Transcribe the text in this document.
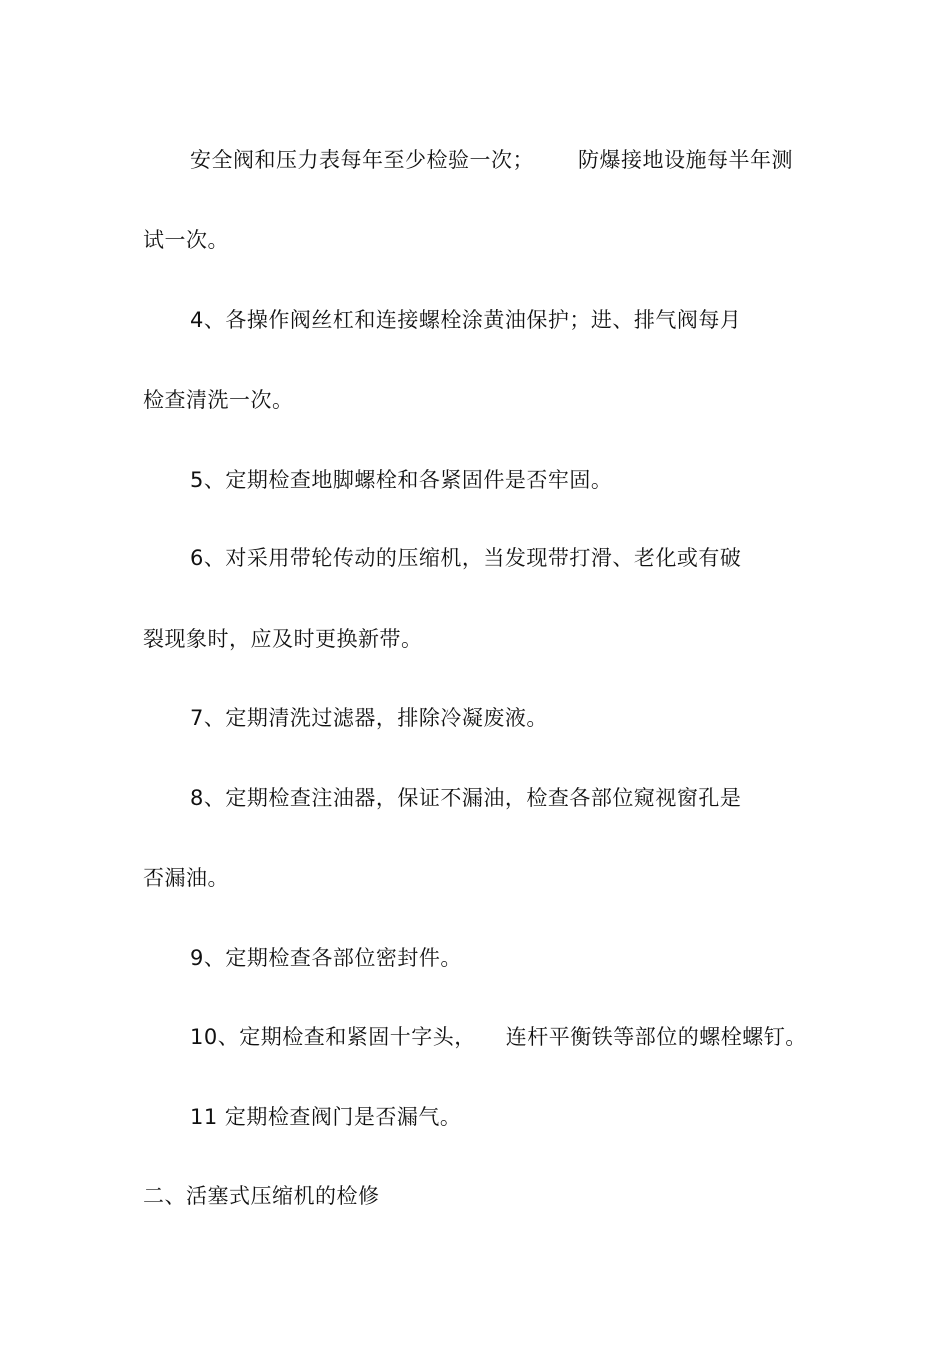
安全阀和压力表每年至少检验一次； 防爆接地设施每半年测
试一次。
4、各操作阀丝杠和连接螺栓涂黄油保护；进、排气阀每月
检查清洗一次。
5、定期检查地脚螺栓和各紧固件是否牢固。
6、对采用带轮传动的压缩机，当发现带打滑、老化或有破
裂现象时，应及时更换新带。
7、定期清洗过滤器，排除冷凝废液。
8、定期检查注油器，保证不漏油，检查各部位窥视窗孔是
否漏油。
9、定期检查各部位密封件。
10、定期检查和紧固十字头， 连杆平衡铁等部位的螺栓螺钉。
11 定期检查阀门是否漏气。
二、活塞式压缩机的检修
